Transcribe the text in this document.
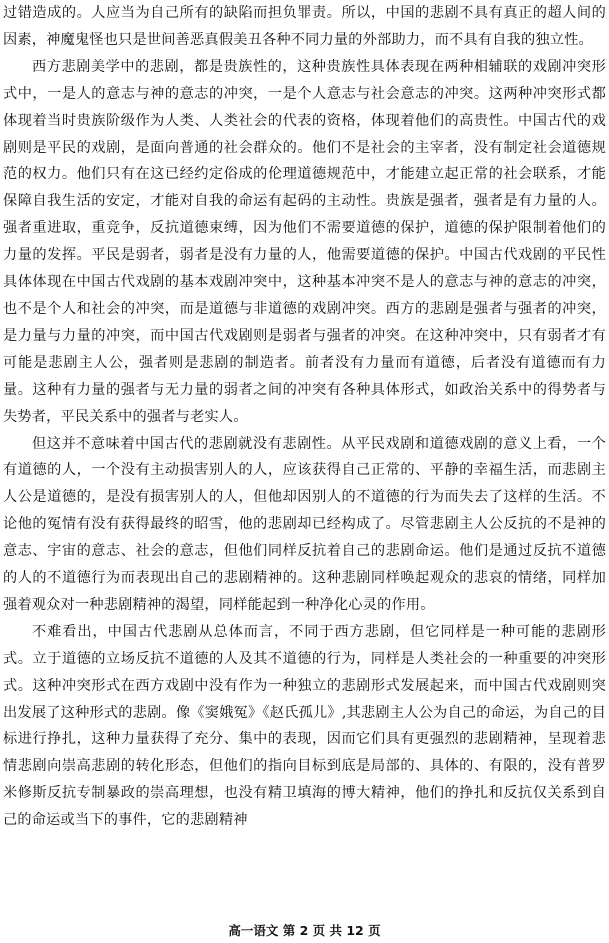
过错造成的。人应当为自己所有的缺陷而担负罪责。所以，中国的悲剧不具有真正的超人间的因素，神魔鬼怪也只是世间善恶真假美丑各种不同力量的外部助力，而不具有自我的独立性。

西方悲剧美学中的悲剧，都是贵族性的，这种贵族性具体表现在两种相辅联的戏剧冲突形式中，一是人的意志与神的意志的冲突，一是个人意志与社会意志的冲突。这两种冲突形式都体现着当时贵族阶级作为人类、人类社会的代表的资格，体现着他们的高贵性。中国古代的戏剧则是平民的戏剧，是面向普通的社会群众的。他们不是社会的主宰者，没有制定社会道德规范的权力。他们只有在这已经约定俗成的伦理道德规范中，才能建立起正常的社会联系，才能保障自我生活的安定，才能对自我的命运有起码的主动性。贵族是强者，强者是有力量的人。强者重进取，重竞争，反抗道德束缚，因为他们不需要道德的保护，道德的保护限制着他们的力量的发挥。平民是弱者，弱者是没有力量的人，他需要道德的保护。中国古代戏剧的平民性具体体现在中国古代戏剧的基本戏剧冲突中，这种基本冲突不是人的意志与神的意志的冲突，也不是个人和社会的冲突，而是道德与非道德的戏剧冲突。西方的悲剧是强者与强者的冲突，是力量与力量的冲突，而中国古代戏剧则是弱者与强者的冲突。在这种冲突中，只有弱者才有可能是悲剧主人公，强者则是悲剧的制造者。前者没有力量而有道德，后者没有道德而有力量。这种有力量的强者与无力量的弱者之间的冲突有各种具体形式，如政治关系中的得势者与失势者，平民关系中的强者与老实人。

但这并不意味着中国古代的悲剧就没有悲剧性。从平民戏剧和道德戏剧的意义上看，一个有道德的人，一个没有主动损害别人的人，应该获得自己正常的、平静的幸福生活，而悲剧主人公是道德的，是没有损害别人的人，但他却因别人的不道德的行为而失去了这样的生活。不论他的冤情有没有获得最终的昭雪，他的悲剧却已经构成了。尽管悲剧主人公反抗的不是神的意志、宇宙的意志、社会的意志，但他们同样反抗着自己的悲剧命运。他们是通过反抗不道德的人的不道德行为而表现出自己的悲剧精神的。这种悲剧同样唤起观众的悲哀的情绪，同样加强着观众对一种悲剧精神的渴望，同样能起到一种净化心灵的作用。

不难看出，中国古代悲剧从总体而言，不同于西方悲剧，但它同样是一种可能的悲剧形式。立于道德的立场反抗不道德的人及其不道德的行为，同样是人类社会的一种重要的冲突形式。这种冲突形式在西方戏剧中没有作为一种独立的悲剧形式发展起来，而中国古代戏剧则突出发展了这种形式的悲剧。像《窦娥冤》《赵氏孤儿》,其悲剧主人公为自己的命运，为自己的目标进行挣扎，这种力量获得了充分、集中的表现，因而它们具有更强烈的悲剧精神，呈现着悲情悲剧向崇高悲剧的转化形态，但他们的指向目标到底是局部的、具体的、有限的，没有普罗米修斯反抗专制暴政的崇高理想，也没有精卫填海的博大精神，他们的挣扎和反抗仅关系到自己的命运或当下的事件，它的悲剧精神

高一语文 第 2 页 共 12 页
